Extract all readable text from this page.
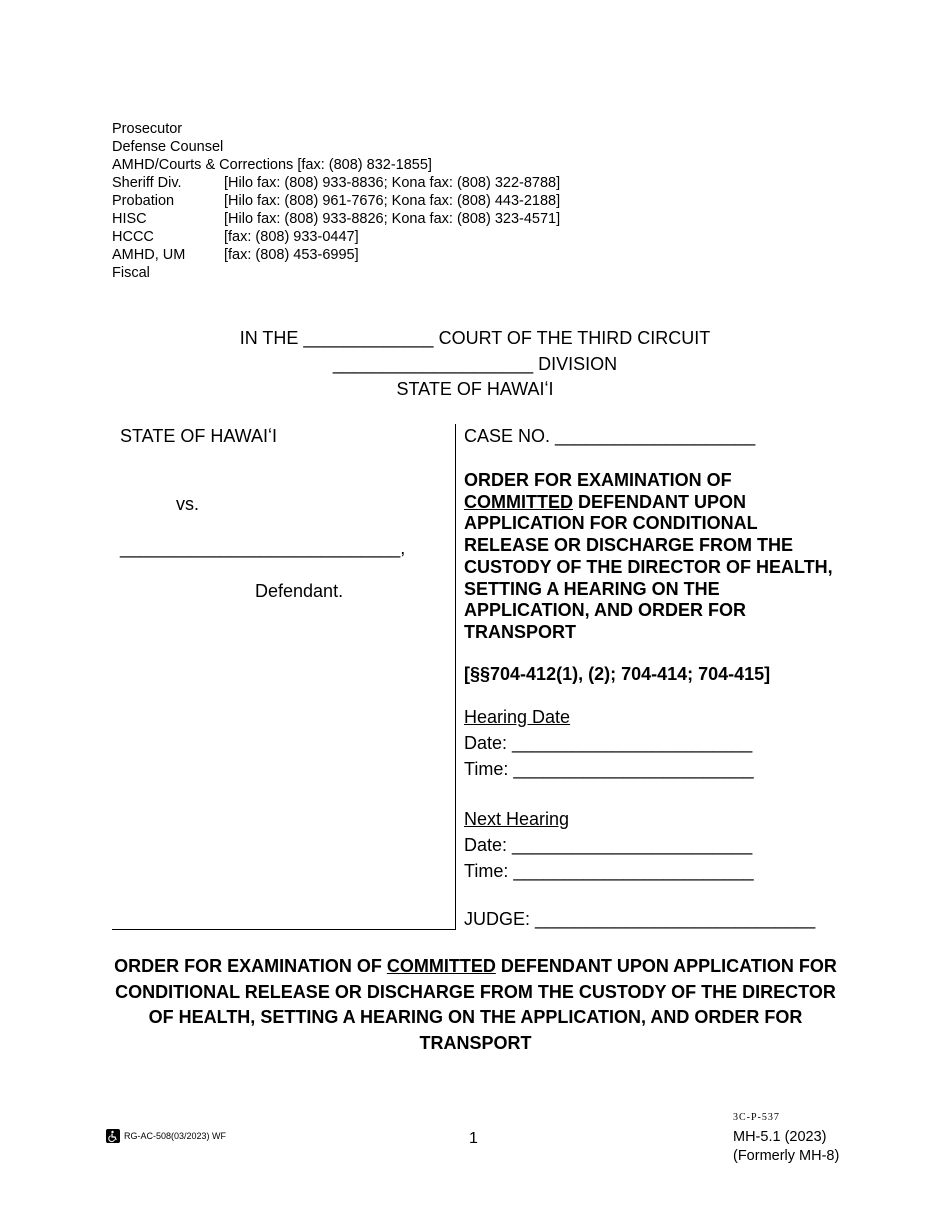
Prosecutor
Defense Counsel
AMHD/Courts & Corrections [fax: (808) 832-1855]
Sheriff Div.	[Hilo fax: (808) 933-8836; Kona fax: (808) 322-8788]
Probation	[Hilo fax: (808) 961-7676; Kona fax: (808) 443-2188]
HISC	[Hilo fax: (808) 933-8826; Kona fax: (808) 323-4571]
HCCC	[fax: (808) 933-0447]
AMHD, UM	[fax: (808) 453-6995]
Fiscal
IN THE _____________ COURT OF THE THIRD CIRCUIT
____________________ DIVISION
STATE OF HAWAIʻI
STATE OF HAWAIʻI
vs.
____________________________,
Defendant.
CASE NO. ____________________
ORDER FOR EXAMINATION OF COMMITTED DEFENDANT UPON APPLICATION FOR CONDITIONAL RELEASE OR DISCHARGE FROM THE CUSTODY OF THE DIRECTOR OF HEALTH, SETTING A HEARING ON THE APPLICATION, AND ORDER FOR TRANSPORT
[§§704-412(1), (2); 704-414; 704-415]
Hearing Date
Date: ________________________
Time: ________________________
Next Hearing
Date: ________________________
Time: ________________________
JUDGE: ____________________________
ORDER FOR EXAMINATION OF COMMITTED DEFENDANT UPON APPLICATION FOR CONDITIONAL RELEASE OR DISCHARGE FROM THE CUSTODY OF THE DIRECTOR OF HEALTH, SETTING A HEARING ON THE APPLICATION, AND ORDER FOR TRANSPORT
RG-AC-508(03/2023) WF	1
3C-P-537
MH-5.1 (2023)
(Formerly MH-8)
